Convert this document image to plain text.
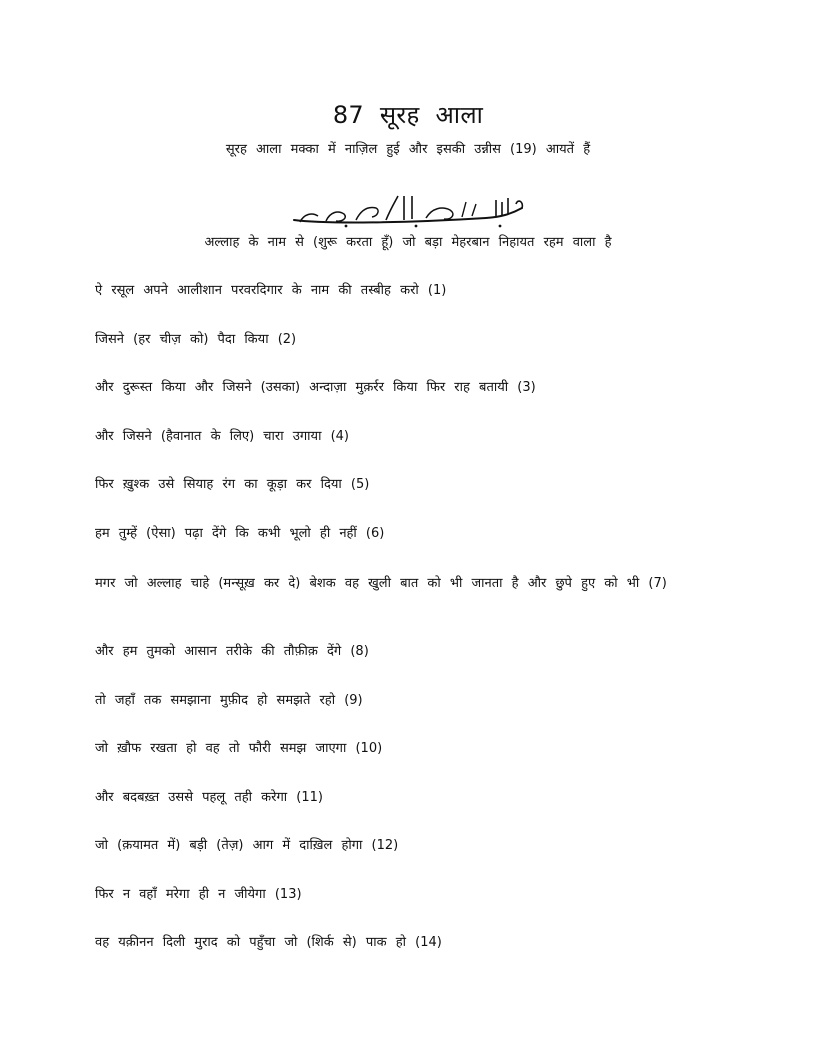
87 सूरह आला
सूरह आला मक्का में नाज़िल हुई और इसकी उन्नीस (19) आयतें हैं
अल्लाह के नाम से (शुरू करता हूँ) जो बड़ा मेहरबान निहायत रहम वाला है

ऐ रसूल अपने आलीशान परवरदिगार के नाम की तस्बीह करो (1)

जिसने (हर चीज़ को) पैदा किया (2)

और दुरूस्त किया और जिसने (उसका) अन्दाज़ा मुक़र्रर किया फिर राह बतायी (3)

और जिसने (हैवानात के लिए) चारा उगाया (4)

फिर ख़ुश्क उसे सियाह रंग का कूड़ा कर दिया (5)

हम तुम्हें (ऐसा) पढ़ा देंगे कि कभी भूलो ही नहीं (6)

मगर जो अल्लाह चाहे (मन्सूख़ कर दे) बेशक वह खुली बात को भी जानता है और छुपे हुए को भी (7)

और हम तुमको आसान तरीके की तौफ़ीक़ देंगे (8)

तो जहाँ तक समझाना मुफ़ीद हो समझते रहो (9)

जो ख़ौफ रखता हो वह तो फौरी समझ जाएगा (10)

और बदबख़्त उससे पहलू तही करेगा (11)

जो (क़यामत में) बड़ी (तेज़) आग में दाख़िल होगा (12)

फिर न वहाँ मरेगा ही न जीयेगा (13)

वह यक़ीनन दिली मुराद को पहुँचा जो (शिर्क से) पाक हो (14)
